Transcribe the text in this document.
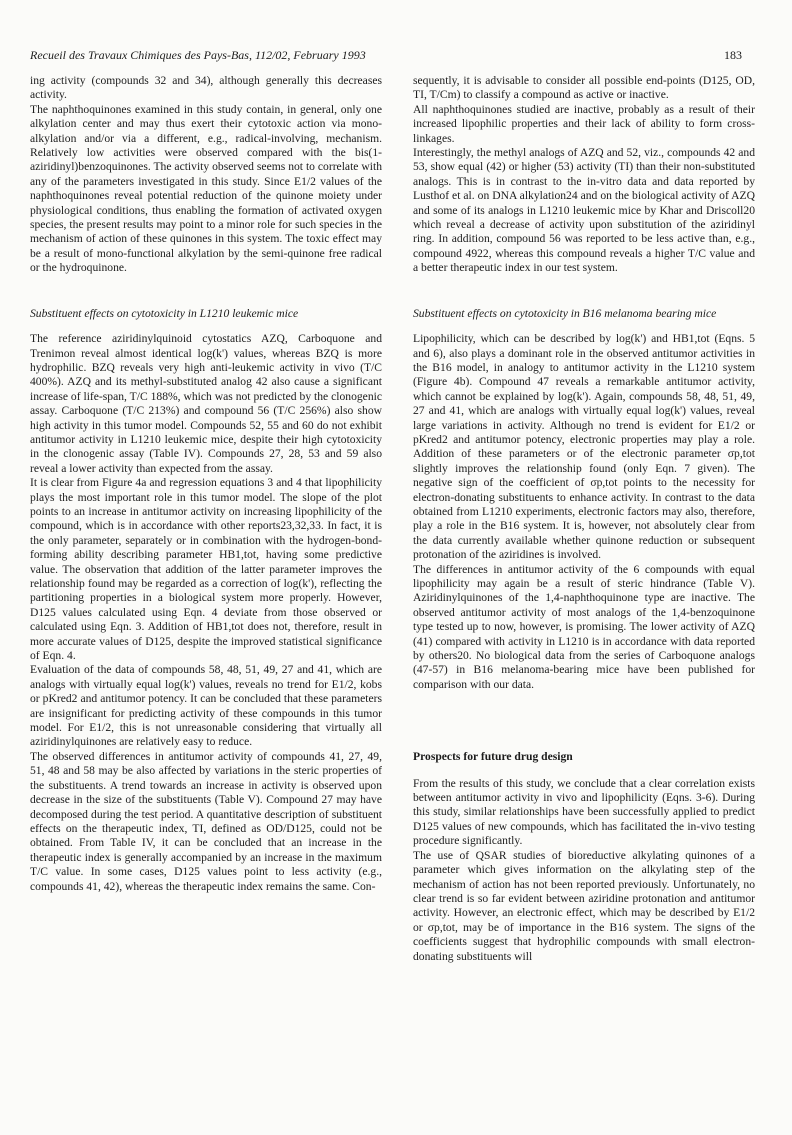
Recueil des Travaux Chimiques des Pays-Bas, 112/02, February 1993	183

ing activity (compounds 32 and 34), although generally this decreases activity.

The naphthoquinones examined in this study contain, in general, only one alkylation center and may thus exert their cytotoxic action via mono-alkylation and/or via a different, e.g., radical-involving, mechanism. Relatively low activities were observed compared with the bis(1-aziridinyl)benzoquinones. The activity observed seems not to correlate with any of the parameters investigated in this study. Since E1/2 values of the naphthoquinones reveal potential reduction of the quinone moiety under physiological conditions, thus enabling the formation of activated oxygen species, the present results may point to a minor role for such species in the mechanism of action of these quinones in this system. The toxic effect may be a result of mono-functional alkylation by the semi-quinone free radical or the hydroquinone.

Substituent effects on cytotoxicity in L1210 leukemic mice

The reference aziridinylquinoid cytostatics AZQ, Carboquone and Trenimon reveal almost identical log(k') values, whereas BZQ is more hydrophilic. BZQ reveals very high anti-leukemic activity in vivo (T/C 400%). AZQ and its methyl-substituted analog 42 also cause a significant increase of life-span, T/C 188%, which was not predicted by the clonogenic assay. Carboquone (T/C 213%) and compound 56 (T/C 256%) also show high activity in this tumor model. Compounds 52, 55 and 60 do not exhibit antitumor activity in L1210 leukemic mice, despite their high cytotoxicity in the clonogenic assay (Table IV). Compounds 27, 28, 53 and 59 also reveal a lower activity than expected from the assay.

It is clear from Figure 4a and regression equations 3 and 4 that lipophilicity plays the most important role in this tumor model. The slope of the plot points to an increase in antitumor activity on increasing lipophilicity of the compound, which is in accordance with other reports23,32,33. In fact, it is the only parameter, separately or in combination with the hydrogen-bond-forming ability describing parameter HB1,tot, having some predictive value. The observation that addition of the latter parameter improves the relationship found may be regarded as a correction of log(k'), reflecting the partitioning properties in a biological system more properly. However, D125 values calculated using Eqn. 4 deviate from those observed or calculated using Eqn. 3. Addition of HB1,tot does not, therefore, result in more accurate values of D125, despite the improved statistical significance of Eqn. 4.

Evaluation of the data of compounds 58, 48, 51, 49, 27 and 41, which are analogs with virtually equal log(k') values, reveals no trend for E1/2, kobs or pKred2 and antitumor potency. It can be concluded that these parameters are insignificant for predicting activity of these compounds in this tumor model. For E1/2, this is not unreasonable considering that virtually all aziridinylquinones are relatively easy to reduce.

The observed differences in antitumor activity of compounds 41, 27, 49, 51, 48 and 58 may be also affected by variations in the steric properties of the substituents. A trend towards an increase in activity is observed upon decrease in the size of the substituents (Table V). Compound 27 may have decomposed during the test period. A quantitative description of substituent effects on the therapeutic index, TI, defined as OD/D125, could not be obtained. From Table IV, it can be concluded that an increase in the therapeutic index is generally accompanied by an increase in the maximum T/C value. In some cases, D125 values point to less activity (e.g., compounds 41, 42), whereas the therapeutic index remains the same. Con-

sequently, it is advisable to consider all possible end-points (D125, OD, TI, T/Cm) to classify a compound as active or inactive.

All naphthoquinones studied are inactive, probably as a result of their increased lipophilic properties and their lack of ability to form cross-linkages.

Interestingly, the methyl analogs of AZQ and 52, viz., compounds 42 and 53, show equal (42) or higher (53) activity (TI) than their non-substituted analogs. This is in contrast to the in-vitro data and data reported by Lusthof et al. on DNA alkylation24 and on the biological activity of AZQ and some of its analogs in L1210 leukemic mice by Khar and Driscoll20 which reveal a decrease of activity upon substitution of the aziridinyl ring. In addition, compound 56 was reported to be less active than, e.g., compound 4922, whereas this compound reveals a higher T/C value and a better therapeutic index in our test system.

Substituent effects on cytotoxicity in B16 melanoma bearing mice

Lipophilicity, which can be described by log(k') and HB1,tot (Eqns. 5 and 6), also plays a dominant role in the observed antitumor activities in the B16 model, in analogy to antitumor activity in the L1210 system (Figure 4b). Compound 47 reveals a remarkable antitumor activity, which cannot be explained by log(k'). Again, compounds 58, 48, 51, 49, 27 and 41, which are analogs with virtually equal log(k') values, reveal large variations in activity. Although no trend is evident for E1/2 or pKred2 and antitumor potency, electronic properties may play a role. Addition of these parameters or of the electronic parameter σp,tot slightly improves the relationship found (only Eqn. 7 given). The negative sign of the coefficient of σp,tot points to the necessity for electron-donating substituents to enhance activity. In contrast to the data obtained from L1210 experiments, electronic factors may also, therefore, play a role in the B16 system. It is, however, not absolutely clear from the data currently available whether quinone reduction or subsequent protonation of the aziridines is involved.

The differences in antitumor activity of the 6 compounds with equal lipophilicity may again be a result of steric hindrance (Table V). Aziridinylquinones of the 1,4-naphthoquinone type are inactive. The observed antitumor activity of most analogs of the 1,4-benzoquinone type tested up to now, however, is promising. The lower activity of AZQ (41) compared with activity in L1210 is in accordance with data reported by others20. No biological data from the series of Carboquone analogs (47-57) in B16 melanoma-bearing mice have been published for comparison with our data.

Prospects for future drug design

From the results of this study, we conclude that a clear correlation exists between antitumor activity in vivo and lipophilicity (Eqns. 3-6). During this study, similar relationships have been successfully applied to predict D125 values of new compounds, which has facilitated the in-vivo testing procedure significantly.

The use of QSAR studies of bioreductive alkylating quinones of a parameter which gives information on the alkylating step of the mechanism of action has not been reported previously. Unfortunately, no clear trend is so far evident between aziridine protonation and antitumor activity. However, an electronic effect, which may be described by E1/2 or σp,tot, may be of importance in the B16 system. The signs of the coefficients suggest that hydrophilic compounds with small electron-donating substituents will
